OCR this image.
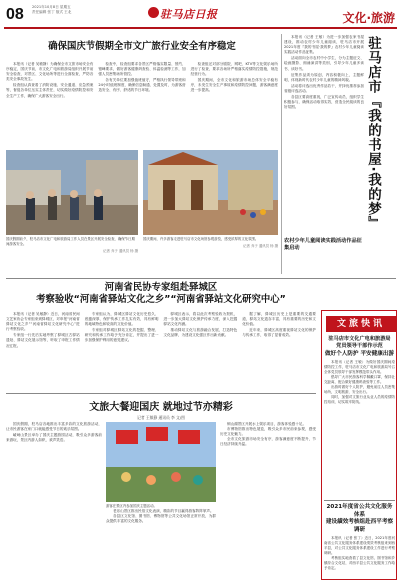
08 2021年10月8日 星期五
责任编辑 张丁 版式 王北	驻马店日报	文化·旅游
确保国庆节假期全市文广旅行业安全有序稳定

本报讯（记者 吴敏静）为确保全市文旅市场安全有序稳定，国庆节前，市文化广电和旅游局组织开展节前安全检查，对景区、文化场所等进行全面检查，严防各类安全事故发生。

检查组认真查看了消防设施、安全通道、应急预案等，督促各单位压实主体责任，切实做好疫情防控和安全生产工作，确保广大游客安全出行。

检查中，检查组要求各景区严格落实限量、预约、错峰要求，做好游客健康码查验、体温检测等工作，加强人员密集场所管控。

各有关单位要加强值班值守，严格执行领导带班和24小时值班制度，确保信息畅通、处置及时，为游客营造安全、有序、舒适的节日环境。

检查组还对部分剧院、网吧、KTV等文化娱乐场所进行了检查，要求各场所严格落实疫情防控措施，规范经营行为。

国庆期间，全市文化和旅游市场总体安全平稳有序，未发生安全生产事故和疫情防控问题，游客满意度进一步提高。

国庆假期前夕，驻马店市文化广电和旅游局工作人员在景区开展安全检查，确保节日期间游客安全。
记者 乔子 通讯员 杨 摄
国庆期间，许多游客走进驻马店市文化场馆参观游览，感受浓厚的文化氛围。
记者 乔子 通讯员 杨 摄

本报讯（记者 王敏）为进一步加强农家书屋建设，推动农村少年儿童阅读，驻马店市开展2021年度『我的书屋·我的梦』农村少年儿童阅读实践活动作品征集。

活动面向全市农村中小学生，分为主题征文、绘画摄影、朗诵演讲等类别，引导少年儿童多读书、读好书。

征集作品须为原创，内容积极向上，主题鲜明，体现新时代农村少年儿童的精神风貌。

活动将评选出优秀作品若干，并择优推荐参加省级评选活动。

各县区要高度重视，广泛宣传动员，组织学生积极参与，确保活动取得实效，营造全民阅读的良好氛围。	驻马店市『我的书屋·我的梦』
农村少年儿童阅读实践活动作品征集启动
河南省民协专家组赴驿城区
考察验收“河南省驿站文化之乡”“河南省驿站文化研究中心”

本报讯（记者 吴敏静）近日，河南省民间文艺家协会专家组来到驿城区，对申报“河南省驿站文化之乡”“河南省驿站文化研究中心”进行考察验收。

专家组一行先后实地考察了驿城区古驿站遗址、驿站文化展示馆等，听取了申报工作情况汇报。

专家组认为，驿城区驿站文化历史悠久、底蕴深厚，保护传承工作扎实有效，具有鲜明的地域特色和较高的文化价值。

专家组对驿城区驿站文化的挖掘、整理、研究和传承工作给予充分肯定，并提出了进一步加强保护利用的意见建议。

驿城区表示，将以此次考察验收为契机，进一步加大驿站文化保护传承力度，深入挖掘驿站文化内涵。

推动驿站文化与旅游融合发展，打造特色文化品牌，为建设文化强区作出新贡献。

据了解，驿城区历史上是重要的交通要道，驿站文化遗存丰富，具有重要的历史和文化价值。

近年来，驿城区高度重视驿站文化的保护与传承工作，取得了显著成效。

文旅大餐迎国庆 就地过节亦精彩
记者 王敏静 通讯员 李 文/图

国庆假期，驻马店各地推出丰富多彩的文化旅游活动，让市民游客在家门口就能感受节日的欢乐氛围。

嵖岈山景区举办了国庆主题游园活动，吸引众多游客前来游玩，景区内游人如织，欢声笑语。

游客在景区内参加国庆主题活动。

老乐山景区推出民俗文化表演，精彩的节目赢得游客阵阵掌声。

各县区文化馆、图书馆、博物馆等公共文化场馆正常开放，为群众提供丰富的文化服务。

铜山湖景区开展水上娱乐项目，游客体验感十足。

市博物馆推出特色展览，吸引众多市民前来参观，感受历史文化魅力。

全市文化旅游市场安全有序，游客满意度不断提升，节日经济持续升温。

文旅快讯
驻马店市文化广电和旅游局
党员领导干部作示范
做好个人防护 平安健康出游

本报讯（记者 王敏）为做好国庆期间疫情防控工作，驻马店市文化广电和旅游局号召全体党员领导干部发挥模范带头作用。

倡导广大市民游客科学佩戴口罩，保持社交距离，配合做好健康码查验等工作。

出游时做好个人防护，避免前往人员密集场所，文明旅游，安全出行。

同时，加强对文旅行业从业人员的疫情防控培训，切实筑牢防线。

2021年度省公共文化服务体系
建设績效考核组赴西平考察调研

本报讯（记者 张丁）近日，2021年度河南省公共文化服务体系建设绩效考核组来到西平县，对公共文化服务体系建设工作进行考察调研。

考核组实地查看了县文化馆、图书馆和乡镇综合文化站，对西平县公共文化服务工作给予肯定。
